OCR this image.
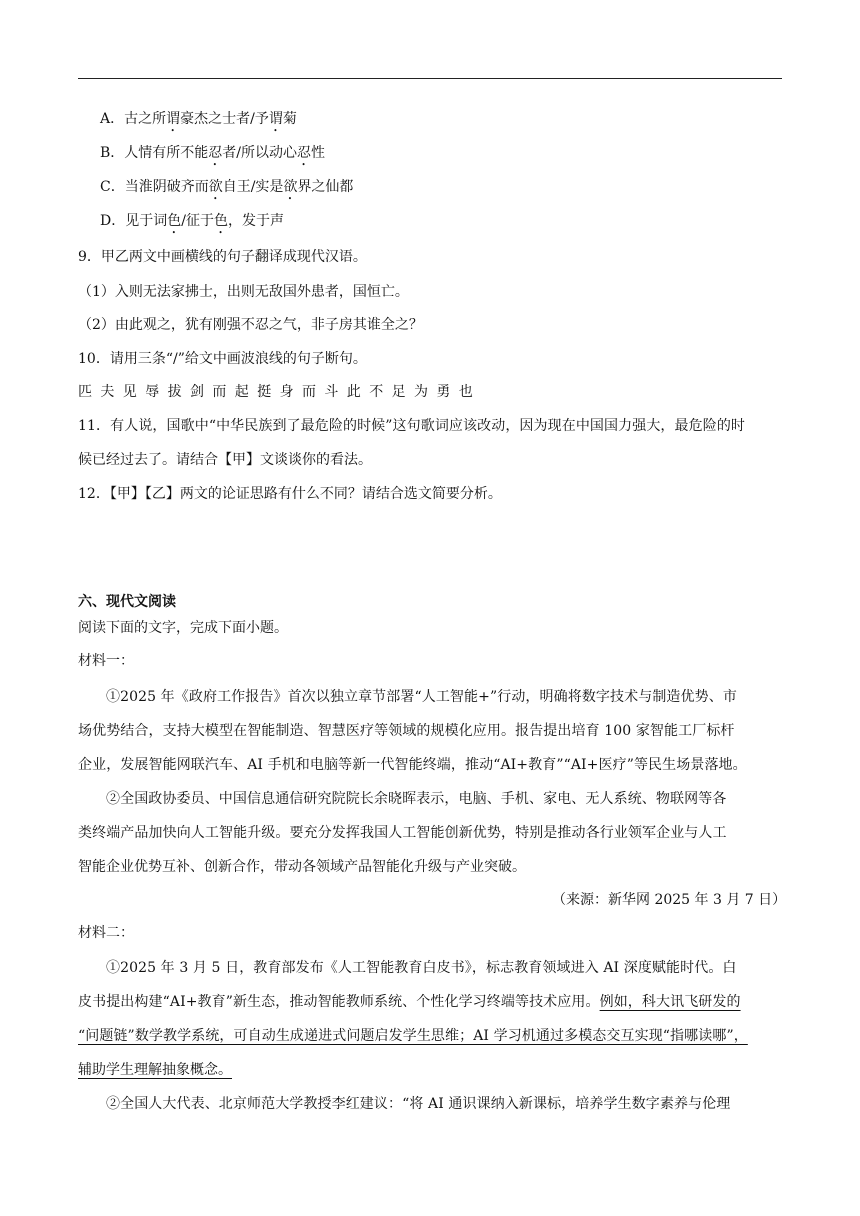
A．古之所谓豪杰之士者/予谓菊
B．人情有所不能忍者/所以动心忍性
C．当淮阴破齐而欲自王/实是欲界之仙都
D．见于词色/征于色，发于声
9．甲乙两文中画横线的句子翻译成现代汉语。
（1）入则无法家拂士，出则无敌国外患者，国恒亡。
（2）由此观之，犹有刚强不忍之气，非子房其谁全之？
10．请用三条“/”给文中画波浪线的句子断句。
匹夫见辱拔剑而起挺身而斗此不足为勇也
11．有人说，国歌中“中华民族到了最危险的时候”这句歌词应该改动，因为现在中国国力强大，最危险的时
候已经过去了。请结合【甲】文谈谈你的看法。
12．【甲】【乙】两文的论证思路有什么不同？请结合选文简要分析。
六、现代文阅读
阅读下面的文字，完成下面小题。
材料一：
①2025 年《政府工作报告》首次以独立章节部署“人工智能+”行动，明确将数字技术与制造优势、市
场优势结合，支持大模型在智能制造、智慧医疗等领域的规模化应用。报告提出培育 100 家智能工厂标杆
企业，发展智能网联汽车、AI 手机和电脑等新一代智能终端，推动“AI+教育”“AI+医疗”等民生场景落地。
②全国政协委员、中国信息通信研究院院长余晓晖表示，电脑、手机、家电、无人系统、物联网等各
类终端产品加快向人工智能升级。要充分发挥我国人工智能创新优势，特别是推动各行业领军企业与人工
智能企业优势互补、创新合作，带动各领域产品智能化升级与产业突破。
（来源：新华网 2025 年 3 月 7 日）
材料二：
①2025 年 3 月 5 日，教育部发布《人工智能教育白皮书》，标志教育领域进入 AI 深度赋能时代。白
皮书提出构建“AI+教育”新生态，推动智能教师系统、个性化学习终端等技术应用。例如，科大讯飞研发的
“问题链”数学教学系统，可自动生成递进式问题启发学生思维；AI 学习机通过多模态交互实现“指哪读哪”，
辅助学生理解抽象概念。
②全国人大代表、北京师范大学教授李红建议：“将 AI 通识课纳入新课标，培养学生数字素养与伦理
